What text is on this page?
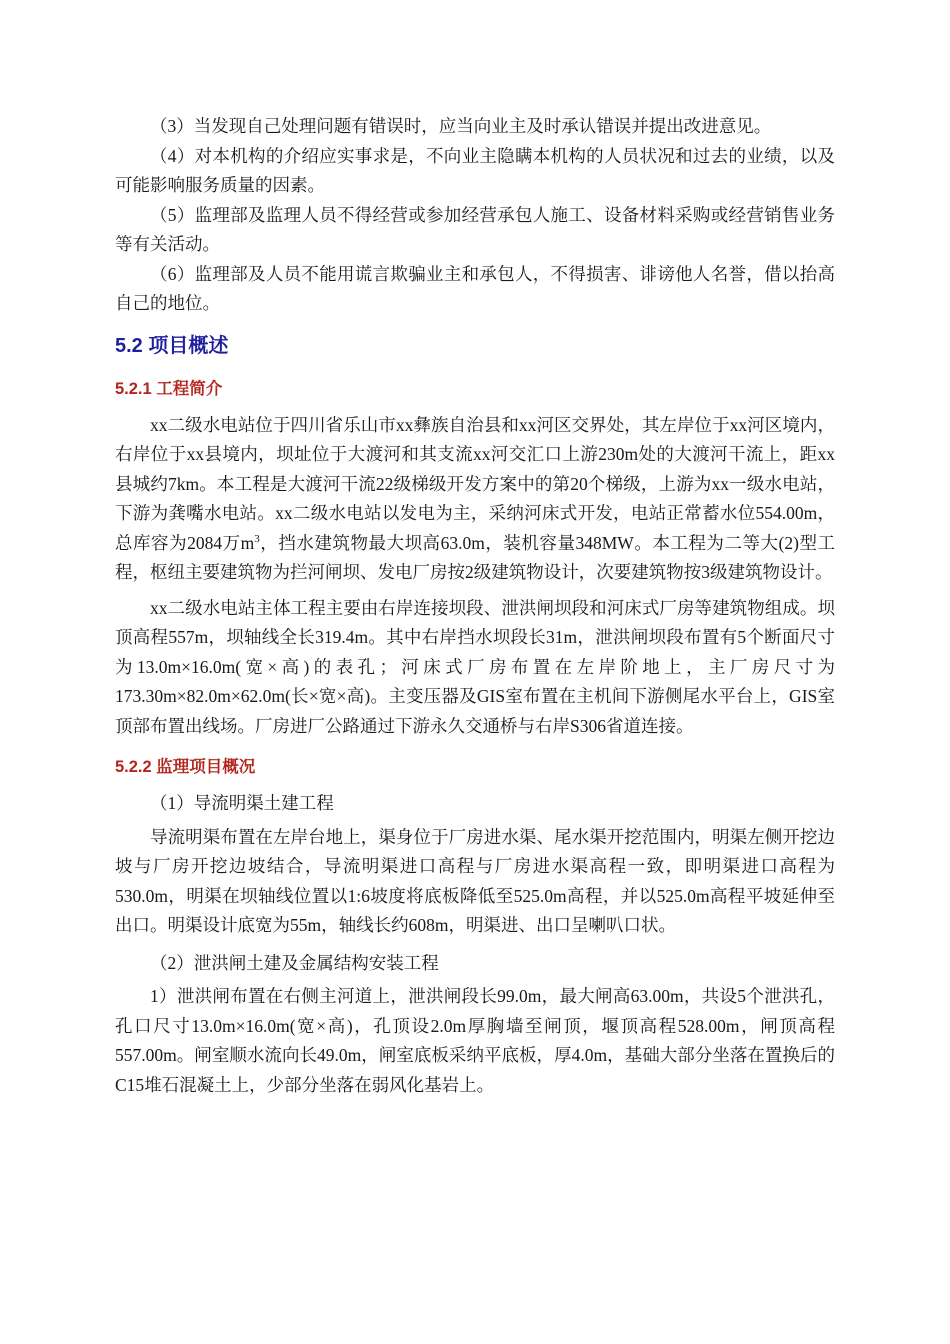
（3）当发现自己处理问题有错误时，应当向业主及时承认错误并提出改进意见。

（4）对本机构的介绍应实事求是，不向业主隐瞒本机构的人员状况和过去的业绩，以及可能影响服务质量的因素。

（5）监理部及监理人员不得经营或参加经营承包人施工、设备材料采购或经营销售业务等有关活动。

（6）监理部及人员不能用谎言欺骗业主和承包人，不得损害、诽谤他人名誉，借以抬高自己的地位。

5.2 项目概述
5.2.1 工程简介

xx二级水电站位于四川省乐山市xx彝族自治县和xx河区交界处，其左岸位于xx河区境内，右岸位于xx县境内，坝址位于大渡河和其支流xx河交汇口上游230m处的大渡河干流上，距xx县城约7km。本工程是大渡河干流22级梯级开发方案中的第20个梯级，上游为xx一级水电站，下游为龚嘴水电站。xx二级水电站以发电为主，采纳河床式开发，电站正常蓄水位554.00m，总库容为2084万$m^3$，挡水建筑物最大坝高63.0m，装机容量348MW。本工程为二等大(2)型工程，枢纽主要建筑物为拦河闸坝、发电厂房按2级建筑物设计，次要建筑物按3级建筑物设计。

xx二级水电站主体工程主要由右岸连接坝段、泄洪闸坝段和河床式厂房等建筑物组成。坝顶高程557m，坝轴线全长319.4m。其中右岸挡水坝段长31m，泄洪闸坝段布置有5个断面尺寸为13.0m×16.0m(宽×高)的表孔；河床式厂房布置在左岸阶地上，主厂房尺寸为173.30m×82.0m×62.0m(长×宽×高)。主变压器及GIS室布置在主机间下游侧尾水平台上，GIS室顶部布置出线场。厂房进厂公路通过下游永久交通桥与右岸S306省道连接。

5.2.2 监理项目概况

（1）导流明渠土建工程

导流明渠布置在左岸台地上，渠身位于厂房进水渠、尾水渠开挖范围内，明渠左侧开挖边坡与厂房开挖边坡结合，导流明渠进口高程与厂房进水渠高程一致，即明渠进口高程为530.0m，明渠在坝轴线位置以1:6坡度将底板降低至525.0m高程，并以525.0m高程平坡延伸至出口。明渠设计底宽为55m，轴线长约608m，明渠进、出口呈喇叭口状。

（2）泄洪闸土建及金属结构安装工程

1）泄洪闸布置在右侧主河道上，泄洪闸段长99.0m，最大闸高63.00m，共设5个泄洪孔，孔口尺寸13.0m×16.0m(宽×高)，孔顶设2.0m厚胸墙至闸顶，堰顶高程528.00m，闸顶高程557.00m。闸室顺水流向长49.0m，闸室底板采纳平底板，厚4.0m，基础大部分坐落在置换后的C15堆石混凝土上，少部分坐落在弱风化基岩上。
